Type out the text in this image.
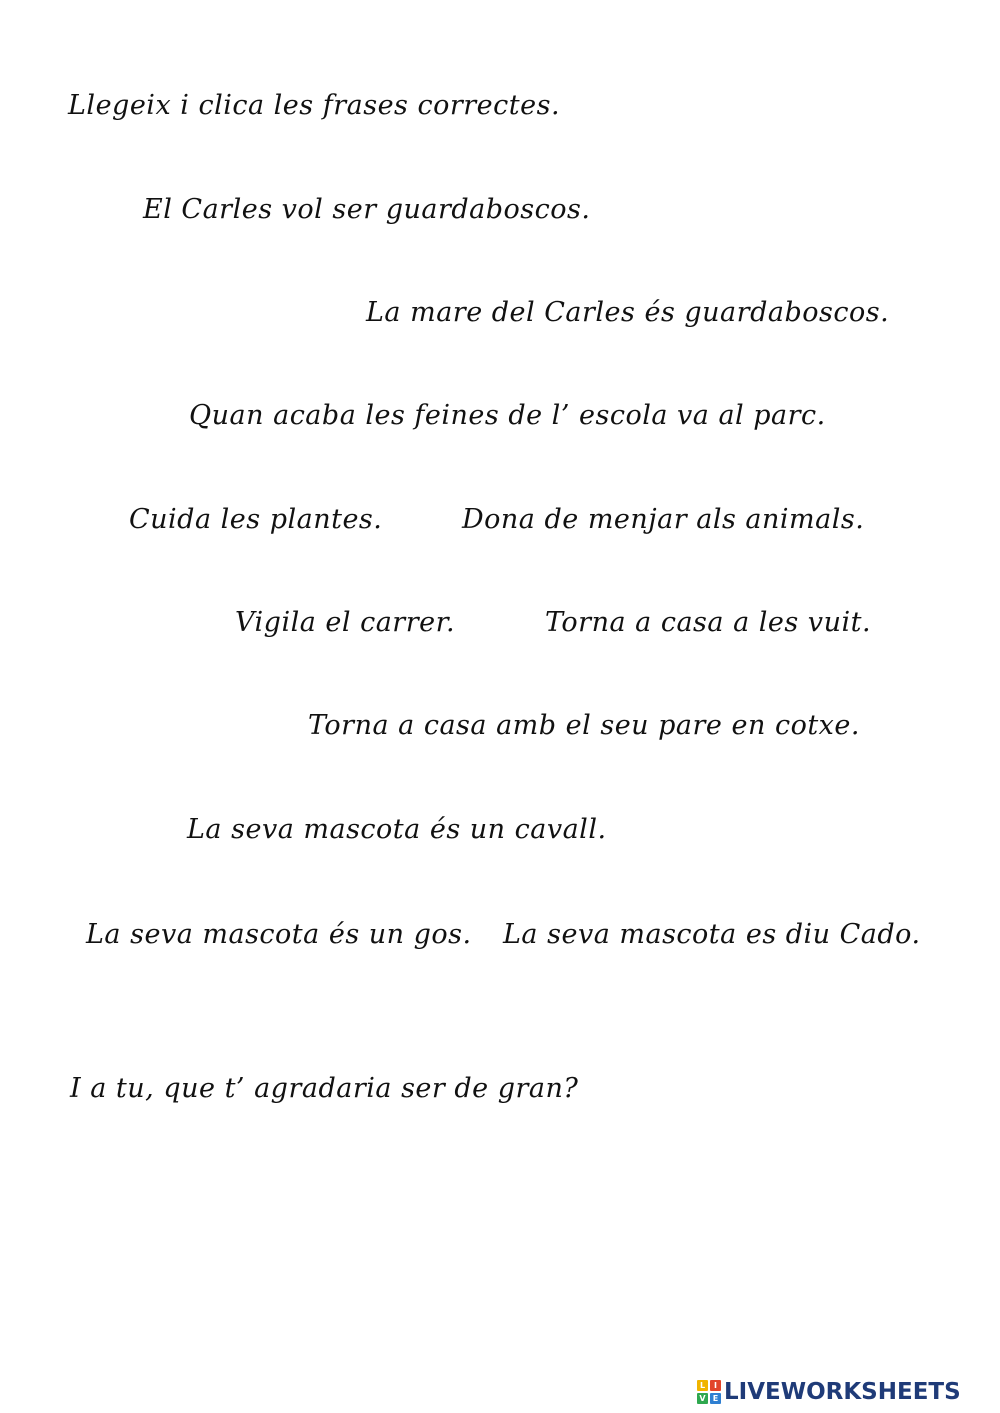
Llegeix i clica les frases correctes.
El Carles vol ser guardaboscos.
La mare del Carles és guardaboscos.
Quan acaba les feines de l’ escola va al parc.
Cuida les plantes.	Dona de menjar als animals.
Vigila el carrer.	Torna a casa a les vuit.
Torna a casa amb el seu pare en cotxe.
La seva mascota és un cavall.
La seva mascota és un gos. La seva mascota es diu Cado.
I a tu, que t’ agradaria ser de gran?
L	I
V E LIVEWORKSHEETS
